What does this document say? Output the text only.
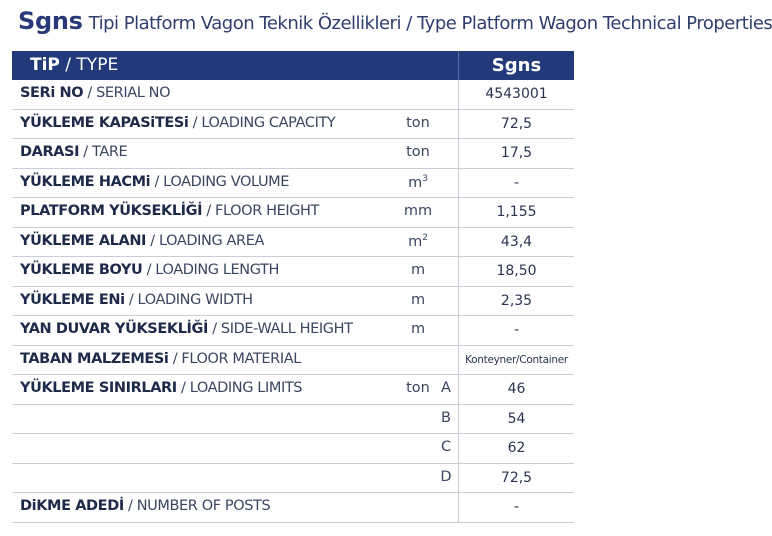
Sgns Tipi Platform Vagon Teknik Özellikleri / Type Platform Wagon Technical Properties
TiP / TYPE	Sgns
SERi NO / SERIAL NO	4543001
YÜKLEME KAPASiTESi / LOADING CAPACITY	ton	72,5
DARASI / TARE	ton	17,5
YÜKLEME HACMi / LOADING VOLUME	$m^3$	-
PLATFORM YÜKSEKLİĞİ / FLOOR HEIGHT	mm	1,155
YÜKLEME ALANI / LOADING AREA	$m^2$	43,4
YÜKLEME BOYU / LOADING LENGTH	m	18,50
YÜKLEME ENi / LOADING WIDTH	m	2,35
YAN DUVAR YÜKSEKLİĞİ / SIDE-WALL HEIGHT	m	-
TABAN MALZEMESi / FLOOR MATERIAL	Konteyner/Container
YÜKLEME SINIRLARI / LOADING LIMITS	ton A	46
B	54
C	62
D	72,5
DiKME ADEDİ / NUMBER OF POSTS	-
